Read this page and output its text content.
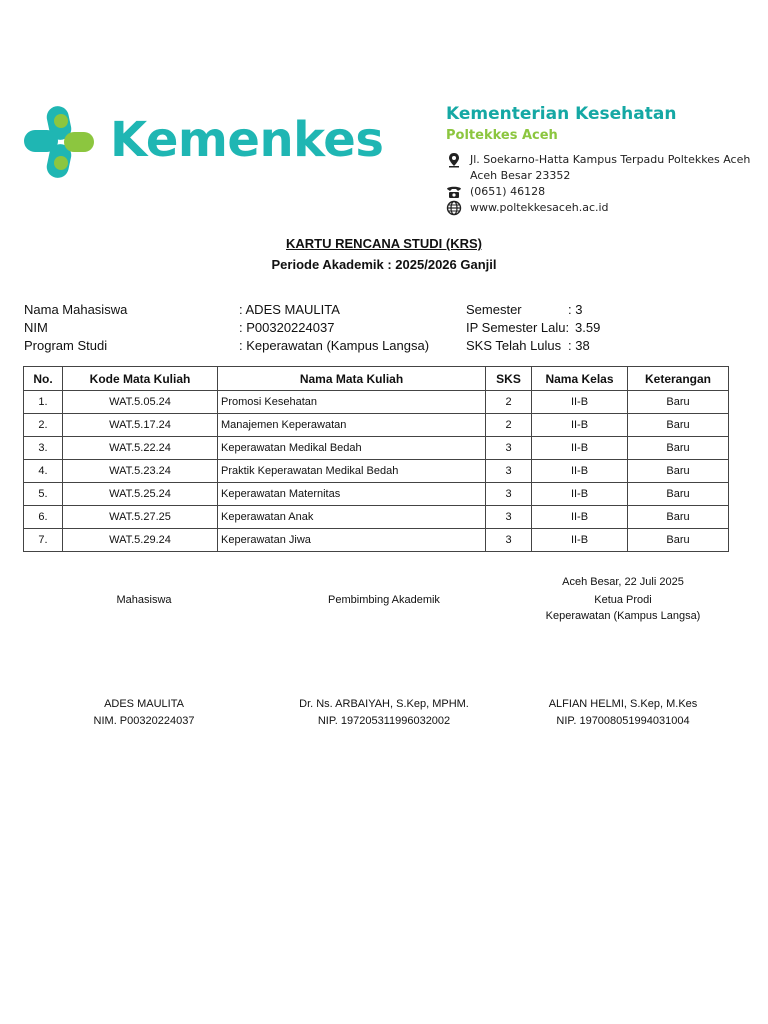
Kemenkes	Kementerian Kesehatan
Poltekkes Aceh
Jl. Soekarno-Hatta Kampus Terpadu Poltekkes Aceh
Aceh Besar 23352
(0651) 46128
www.poltekkesaceh.ac.id
KARTU RENCANA STUDI (KRS)
Periode Akademik : 2025/2026 Ganjil
Nama Mahasiswa	: ADES MAULITA
NIM	: P00320224037
Program Studi	: Keperawatan (Kampus Langsa)
Semester	: 3
IP Semester Lalu: 3.59
SKS Telah Lulus : 38
No.	Kode Mata Kuliah	Nama Mata Kuliah	SKS	Nama Kelas	Keterangan
1.	WAT.5.05.24	Promosi Kesehatan	2	II-B	Baru
2.	WAT.5.17.24	Manajemen Keperawatan	2	II-B	Baru
3.	WAT.5.22.24	Keperawatan Medikal Bedah	3	II-B	Baru
4.	WAT.5.23.24	Praktik Keperawatan Medikal Bedah	3	II-B	Baru
5.	WAT.5.25.24	Keperawatan Maternitas	3	II-B	Baru
6.	WAT.5.27.25	Keperawatan Anak	3	II-B	Baru
7.	WAT.5.29.24	Keperawatan Jiwa	3	II-B	Baru
Aceh Besar, 22 Juli 2025
Mahasiswa	Pembimbing Akademik	Ketua Prodi
Keperawatan (Kampus Langsa)
ADES MAULITA
NIM. P00320224037
Dr. Ns. ARBAIYAH, S.Kep, MPHM.
NIP. 197205311996032002
ALFIAN HELMI, S.Kep, M.Kes
NIP. 197008051994031004
